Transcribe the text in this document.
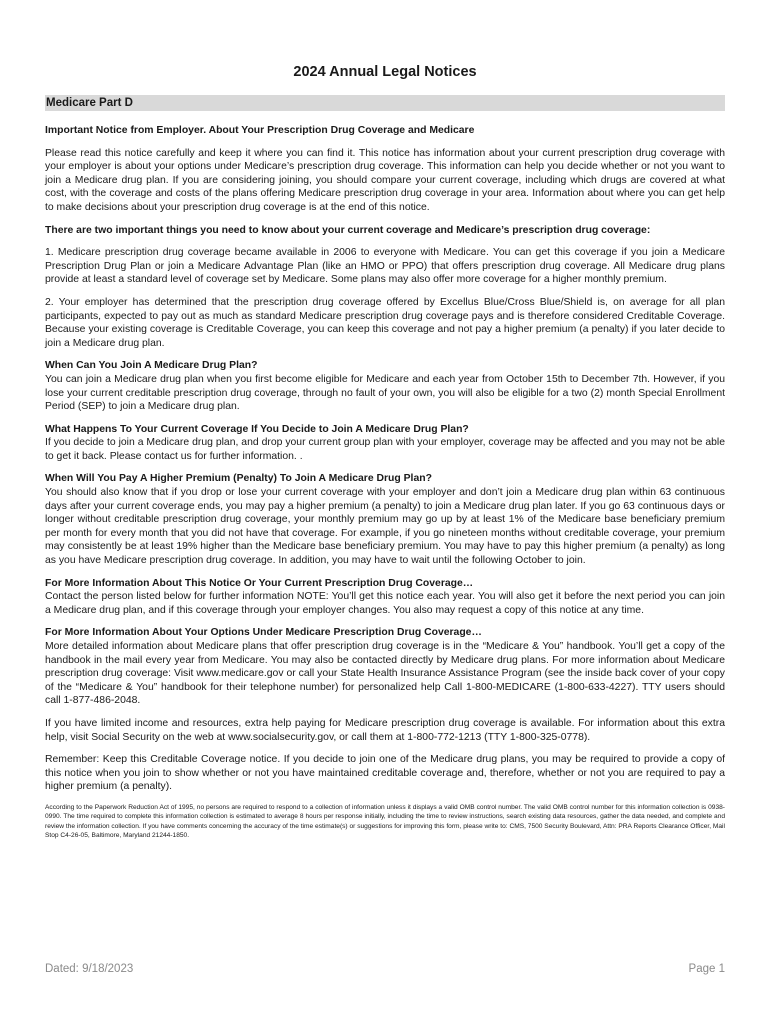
2024 Annual Legal Notices
Medicare Part D

Important Notice from Employer. About Your Prescription Drug Coverage and Medicare

Please read this notice carefully and keep it where you can find it. This notice has information about your current prescription drug coverage with your employer is about your options under Medicare’s prescription drug coverage. This information can help you decide whether or not you want to join a Medicare drug plan. If you are considering joining, you should compare your current coverage, including which drugs are covered at what cost, with the coverage and costs of the plans offering Medicare prescription drug coverage in your area. Information about where you can get help to make decisions about your prescription drug coverage is at the end of this notice.

There are two important things you need to know about your current coverage and Medicare’s prescription drug coverage:

1. Medicare prescription drug coverage became available in 2006 to everyone with Medicare. You can get this coverage if you join a Medicare Prescription Drug Plan or join a Medicare Advantage Plan (like an HMO or PPO) that offers prescription drug coverage. All Medicare drug plans provide at least a standard level of coverage set by Medicare. Some plans may also offer more coverage for a higher monthly premium.

2. Your employer has determined that the prescription drug coverage offered by Excellus Blue/Cross Blue/Shield is, on average for all plan participants, expected to pay out as much as standard Medicare prescription drug coverage pays and is therefore considered Creditable Coverage. Because your existing coverage is Creditable Coverage, you can keep this coverage and not pay a higher premium (a penalty) if you later decide to join a Medicare drug plan.

When Can You Join A Medicare Drug Plan?
You can join a Medicare drug plan when you first become eligible for Medicare and each year from October 15th to December 7th. However, if you lose your current creditable prescription drug coverage, through no fault of your own, you will also be eligible for a two (2) month Special Enrollment Period (SEP) to join a Medicare drug plan.

What Happens To Your Current Coverage If You Decide to Join A Medicare Drug Plan?
If you decide to join a Medicare drug plan, and drop your current group plan with your employer, coverage may be affected and you may not be able to get it back. Please contact us for further information. .

When Will You Pay A Higher Premium (Penalty) To Join A Medicare Drug Plan?
You should also know that if you drop or lose your current coverage with your employer and don’t join a Medicare drug plan within 63 continuous days after your current coverage ends, you may pay a higher premium (a penalty) to join a Medicare drug plan later. If you go 63 continuous days or longer without creditable prescription drug coverage, your monthly premium may go up by at least 1% of the Medicare base beneficiary premium per month for every month that you did not have that coverage. For example, if you go nineteen months without creditable coverage, your premium may consistently be at least 19% higher than the Medicare base beneficiary premium. You may have to pay this higher premium (a penalty) as long as you have Medicare prescription drug coverage. In addition, you may have to wait until the following October to join.

For More Information About This Notice Or Your Current Prescription Drug Coverage…
Contact the person listed below for further information NOTE: You’ll get this notice each year. You will also get it before the next period you can join a Medicare drug plan, and if this coverage through your employer changes. You also may request a copy of this notice at any time.

For More Information About Your Options Under Medicare Prescription Drug Coverage…
More detailed information about Medicare plans that offer prescription drug coverage is in the “Medicare & You” handbook. You’ll get a copy of the handbook in the mail every year from Medicare. You may also be contacted directly by Medicare drug plans. For more information about Medicare prescription drug coverage: Visit www.medicare.gov or call your State Health Insurance Assistance Program (see the inside back cover of your copy of the “Medicare & You” handbook for their telephone number) for personalized help Call 1-800-MEDICARE (1-800-633-4227). TTY users should call 1-877-486-2048.

If you have limited income and resources, extra help paying for Medicare prescription drug coverage is available. For information about this extra help, visit Social Security on the web at www.socialsecurity.gov, or call them at 1-800-772-1213 (TTY 1-800-325-0778).

Remember: Keep this Creditable Coverage notice. If you decide to join one of the Medicare drug plans, you may be required to provide a copy of this notice when you join to show whether or not you have maintained creditable coverage and, therefore, whether or not you are required to pay a higher premium (a penalty).

According to the Paperwork Reduction Act of 1995, no persons are required to respond to a collection of information unless it displays a valid OMB control number. The valid OMB control number for this information collection is 0938-0990. The time required to complete this information collection is estimated to average 8 hours per response initially, including the time to review instructions, search existing data resources, gather the data needed, and complete and review the information collection. If you have comments concerning the accuracy of the time estimate(s) or suggestions for improving this form, please write to: CMS, 7500 Security Boulevard, Attn: PRA Reports Clearance Officer, Mail Stop C4-26-05, Baltimore, Maryland 21244-1850.

Dated: 9/18/2023	Page 1
